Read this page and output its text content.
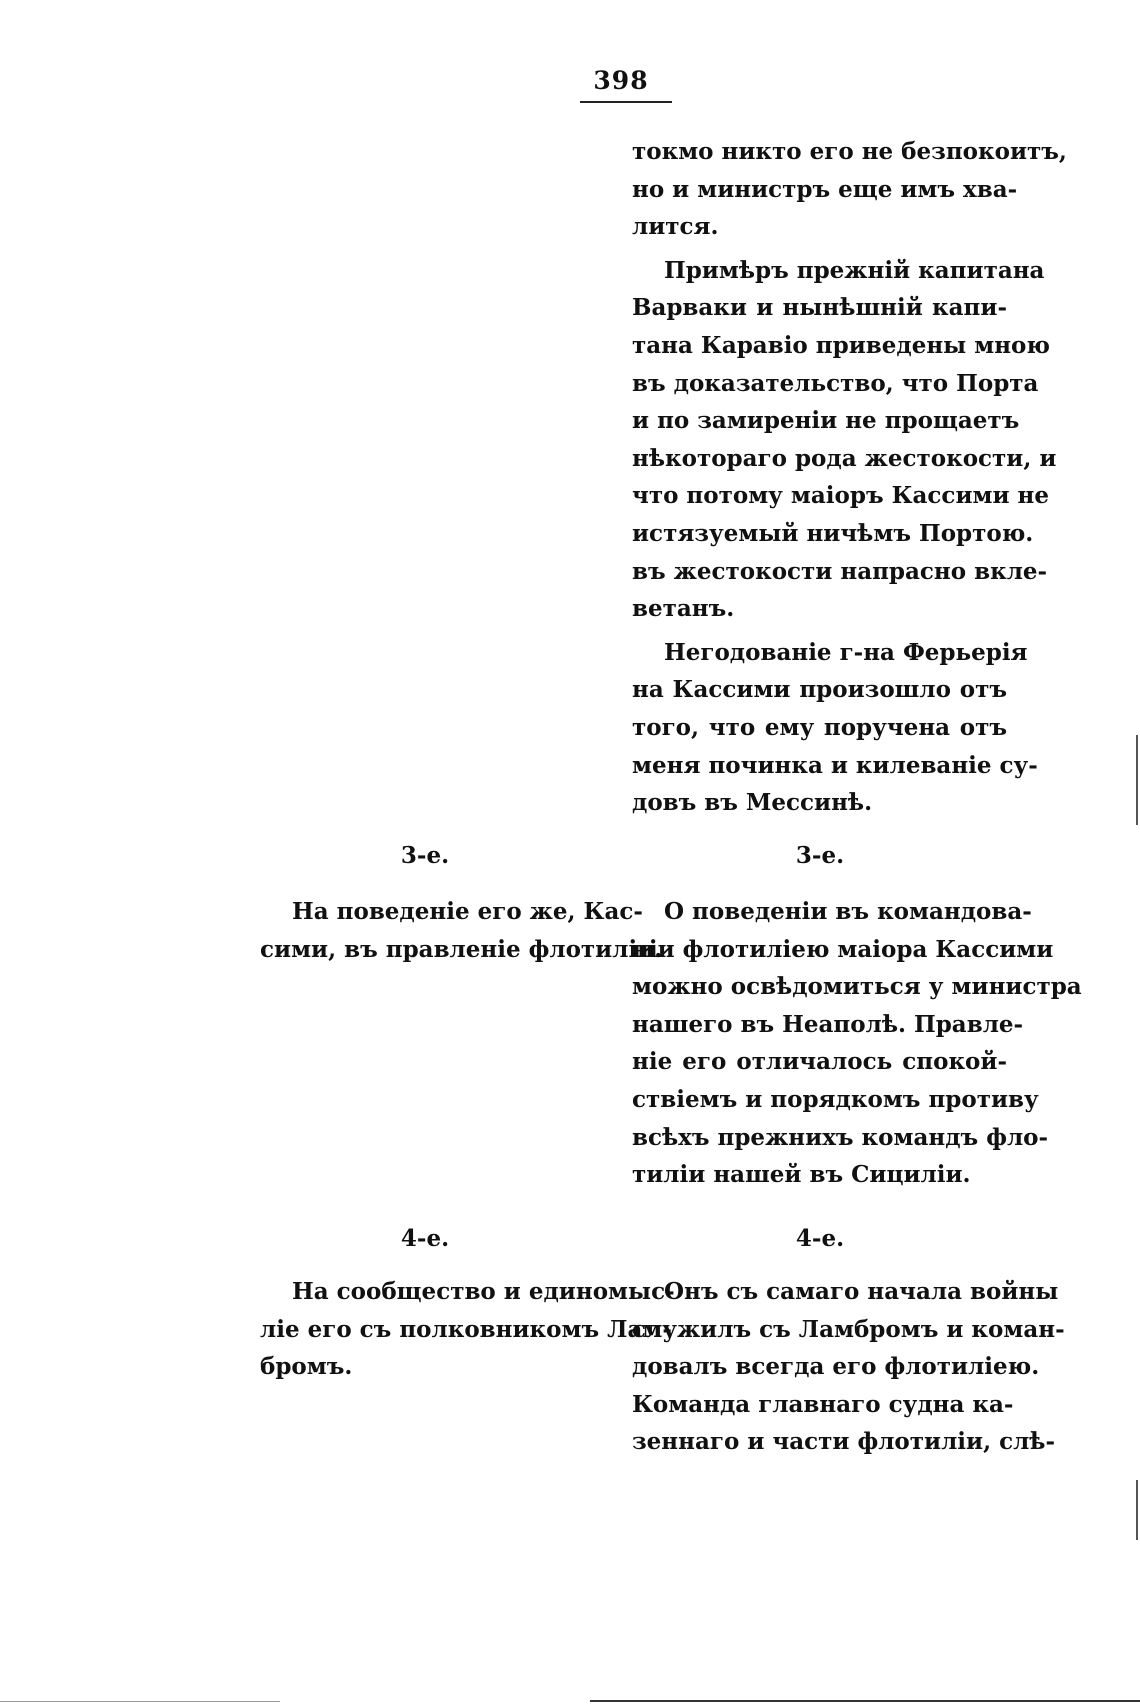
398
токмо никто его не безпокоитъ,
но и министръ еще имъ хва-
лится.
Примѣръ прежній капитана
Варваки и нынѣшній капи-
тана Каравіо приведены мною
въ доказательство, что Порта
и по замиреніи не прощаетъ
нѣкотораго рода жестокости, и
что потому маіоръ Кассими не
истязуемый ничѣмъ Портою.
въ жестокости напрасно вкле-
ветанъ.
Негодованіе г-на Ферьерія
на Кассими произошло отъ
того, что ему поручена отъ
меня починка и килеваніе су-
довъ въ Мессинѣ.
3-е.	3-е.
На поведеніе его же, Кас-
сими, въ правленіе флотиліи.
О поведеніи въ командова-
ніи флотиліею маіора Кассими
можно освѣдомиться у министра
нашего въ Неаполѣ. Правле-
ніе его отличалось спокой-
ствіемъ и порядкомъ противу
всѣхъ прежнихъ командъ фло-
тиліи нашей въ Сициліи.
4-е.	4-е.
На сообщество и единомыс-
ліе его съ полковникомъ Лам-
бромъ.
Онъ съ самаго начала войны
служилъ съ Ламбромъ и коман-
довалъ всегда его флотиліею.
Команда главнаго судна ка-
зеннаго и части флотиліи, слѣ-
